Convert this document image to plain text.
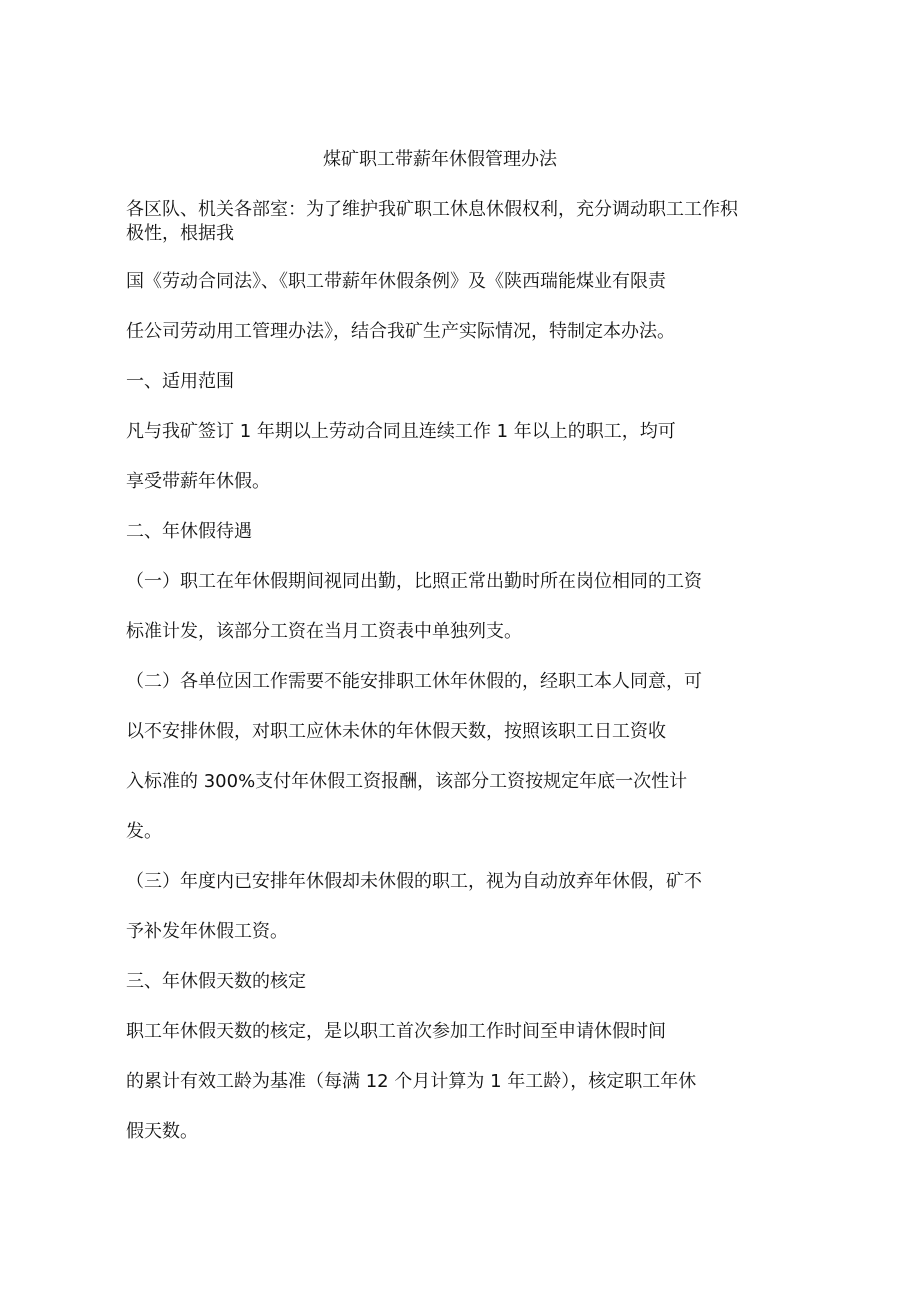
煤矿职工带薪年休假管理办法
各区队、机关各部室：为了维护我矿职工休息休假权利，充分调动职工工作积
极性，根据我
国《劳动合同法》、《职工带薪年休假条例》及《陕西瑞能煤业有限责
任公司劳动用工管理办法》，结合我矿生产实际情况，特制定本办法。
一、适用范围
凡与我矿签订 1 年期以上劳动合同且连续工作 1 年以上的职工，均可
享受带薪年休假。
二、年休假待遇
（一）职工在年休假期间视同出勤，比照正常出勤时所在岗位相同的工资
标准计发，该部分工资在当月工资表中单独列支。
（二）各单位因工作需要不能安排职工休年休假的，经职工本人同意，可
以不安排休假，对职工应休未休的年休假天数，按照该职工日工资收
入标准的 300%支付年休假工资报酬，该部分工资按规定年底一次性计
发。
（三）年度内已安排年休假却未休假的职工，视为自动放弃年休假，矿不
予补发年休假工资。
三、年休假天数的核定
职工年休假天数的核定，是以职工首次参加工作时间至申请休假时间
的累计有效工龄为基准（每满 12 个月计算为 1 年工龄），核定职工年休
假天数。
